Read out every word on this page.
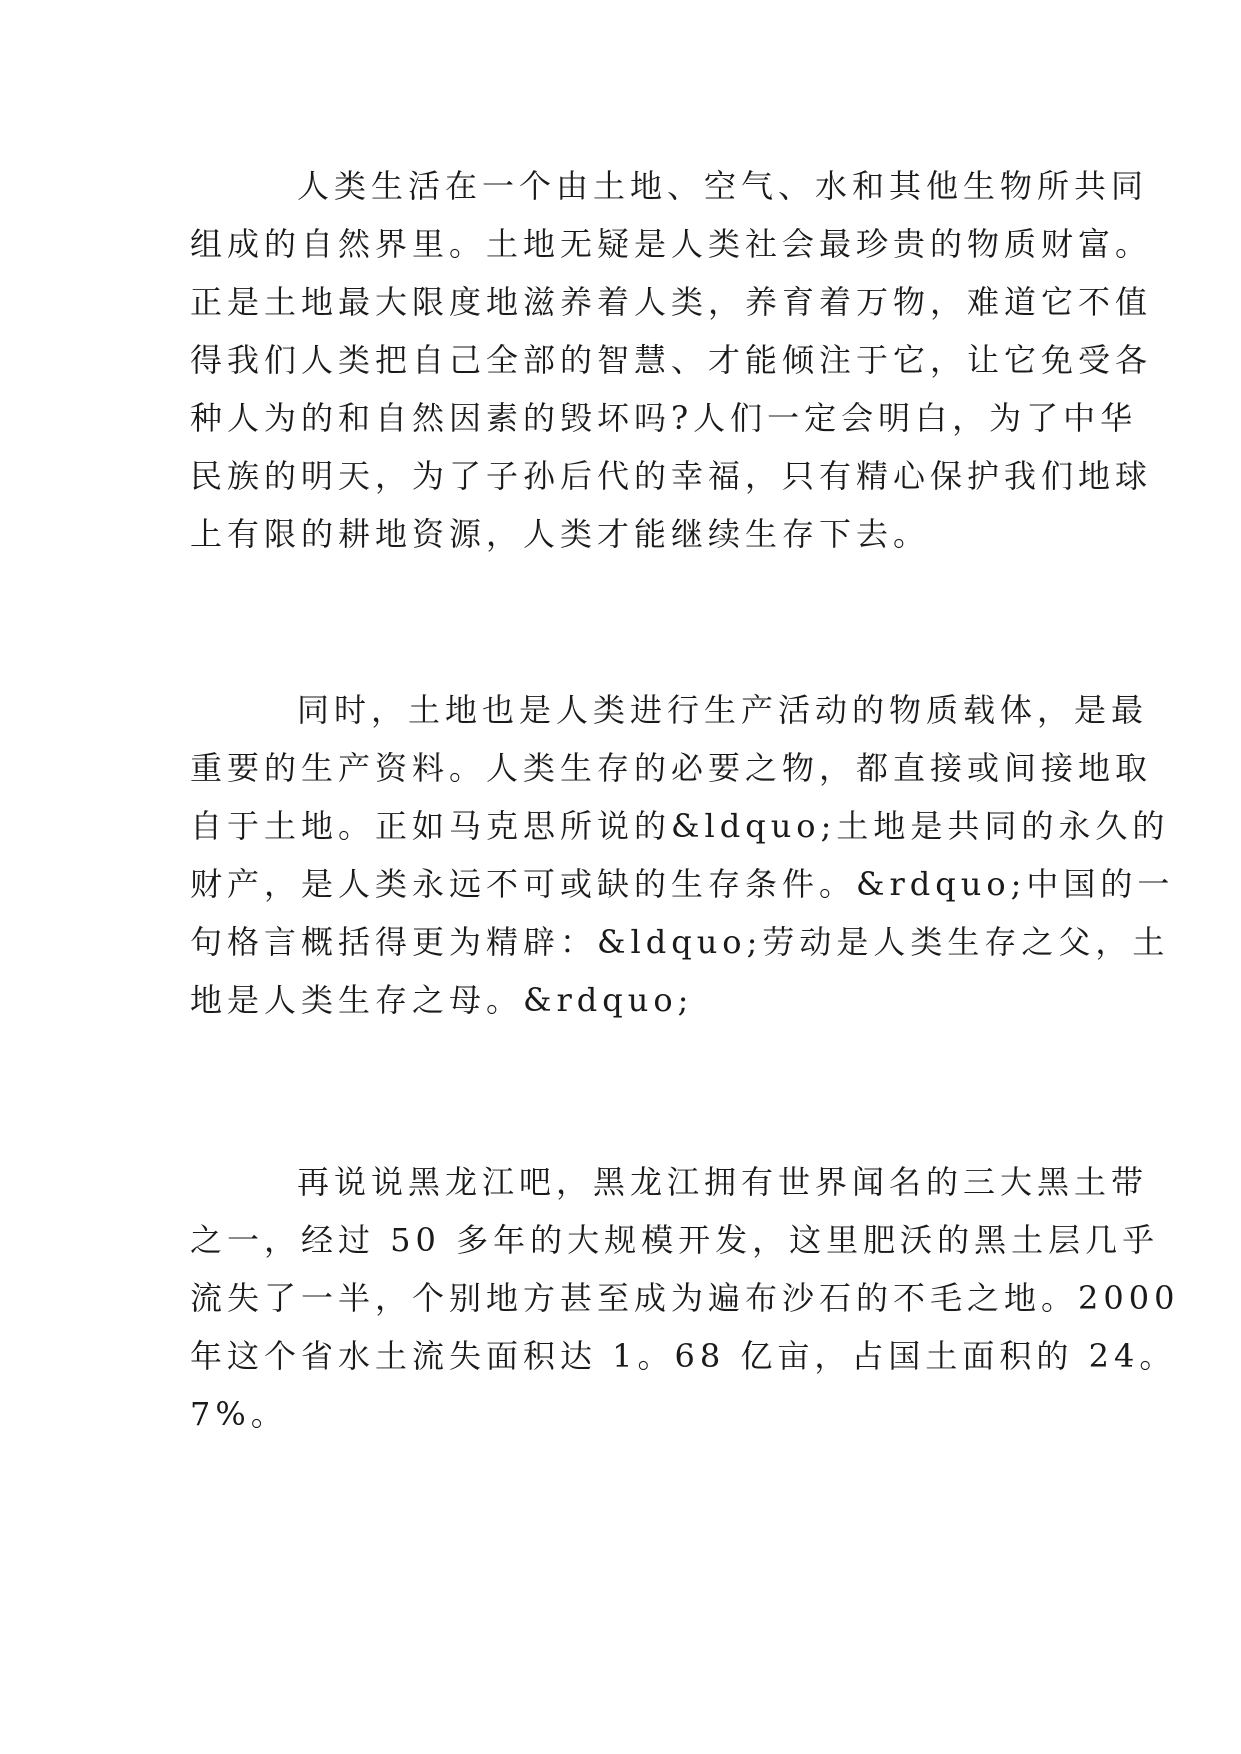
人类生活在一个由土地、空气、水和其他生物所共同
组成的自然界里。土地无疑是人类社会最珍贵的物质财富。
正是土地最大限度地滋养着人类，养育着万物，难道它不值
得我们人类把自己全部的智慧、才能倾注于它，让它免受各
种人为的和自然因素的毁坏吗?人们一定会明白，为了中华
民族的明天，为了子孙后代的幸福，只有精心保护我们地球
上有限的耕地资源，人类才能继续生存下去。
同时，土地也是人类进行生产活动的物质载体，是最
重要的生产资料。人类生存的必要之物，都直接或间接地取
自于土地。正如马克思所说的&ldquo;土地是共同的永久的
财产，是人类永远不可或缺的生存条件。&rdquo;中国的一
句格言概括得更为精辟：&ldquo;劳动是人类生存之父，土
地是人类生存之母。&rdquo;
再说说黑龙江吧，黑龙江拥有世界闻名的三大黑土带
之一，经过 50 多年的大规模开发，这里肥沃的黑土层几乎
流失了一半，个别地方甚至成为遍布沙石的不毛之地。2000
年这个省水土流失面积达 1。68 亿亩，占国土面积的 24。
7%。
